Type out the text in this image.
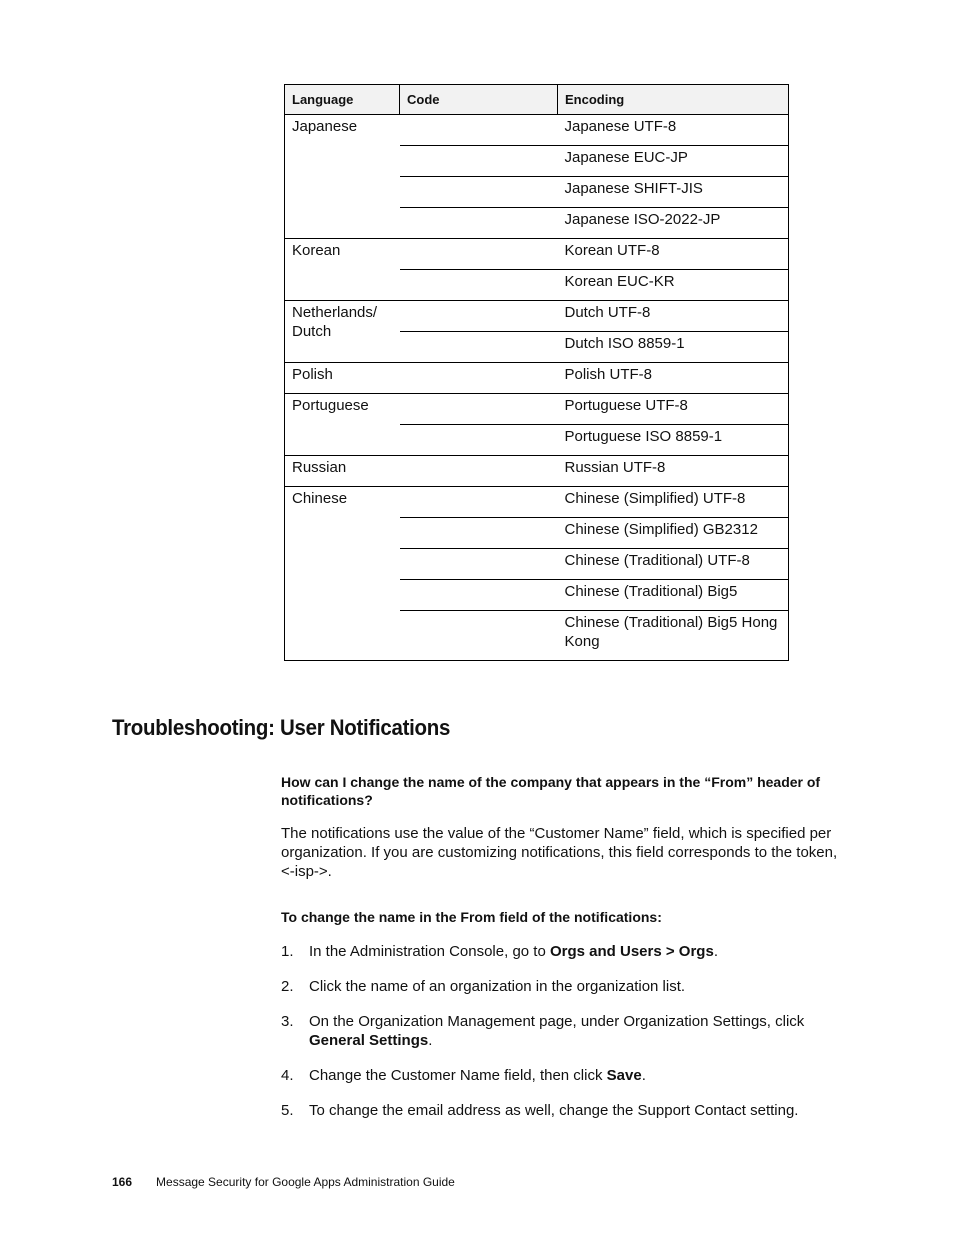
Language	Code	Encoding
Japanese		Japanese UTF-8
		Japanese EUC-JP
		Japanese SHIFT-JIS
		Japanese ISO-2022-JP
Korean		Korean UTF-8
		Korean EUC-KR
Netherlands/ Dutch		Dutch UTF-8
		Dutch ISO 8859-1
Polish		Polish UTF-8
Portuguese		Portuguese UTF-8
		Portuguese ISO 8859-1
Russian		Russian UTF-8
Chinese		Chinese (Simplified) UTF-8
		Chinese (Simplified) GB2312
		Chinese (Traditional) UTF-8
		Chinese (Traditional) Big5
		Chinese (Traditional) Big5 Hong Kong
Troubleshooting: User Notifications

How can I change the name of the company that appears in the “From” header of notifications?

The notifications use the value of the “Customer Name” field, which is specified per organization. If you are customizing notifications, this field corresponds to the token, <-isp->.

To change the name in the From field of the notifications:

1. In the Administration Console, go to Orgs and Users > Orgs.
2. Click the name of an organization in the organization list.
3. On the Organization Management page, under Organization Settings, click General Settings.
4. Change the Customer Name field, then click Save.
5. To change the email address as well, change the Support Contact setting.
166 Message Security for Google Apps Administration Guide
